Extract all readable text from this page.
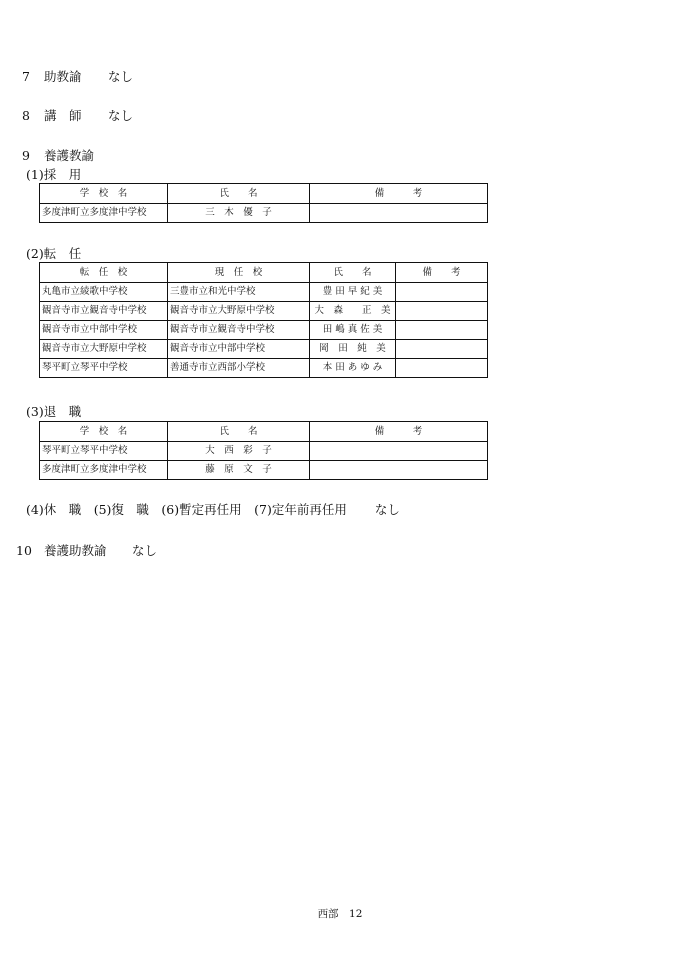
7 助教諭 なし
8 講　師 なし
9 養護教諭
(1)採　用
学　校　名	氏　　名	備　　　考
多度津町立多度津中学校	三　木　優　子	
(2)転　任
転　任　校	現　任　校	氏　　名	備　　考
丸亀市立綾歌中学校	三豊市立和光中学校	豊 田 早 紀 美	
観音寺市立観音寺中学校	観音寺市立大野原中学校	大　森　　正　美	
観音寺市立中部中学校	観音寺市立観音寺中学校	田 嶋 真 佐 美	
観音寺市立大野原中学校	観音寺市立中部中学校	岡　田　純　美	
琴平町立琴平中学校	善通寺市立西部小学校	本 田 あ ゆ み	
(3)退　職
学　校　名	氏　　名	備　　　考
琴平町立琴平中学校	大　西　彩　子	
多度津町立多度津中学校	藤　原　文　子	
(4)休　職　(5)復　職　(6)暫定再任用　(7)定年前再任用 なし
10 養護助教諭 なし
西部　12
